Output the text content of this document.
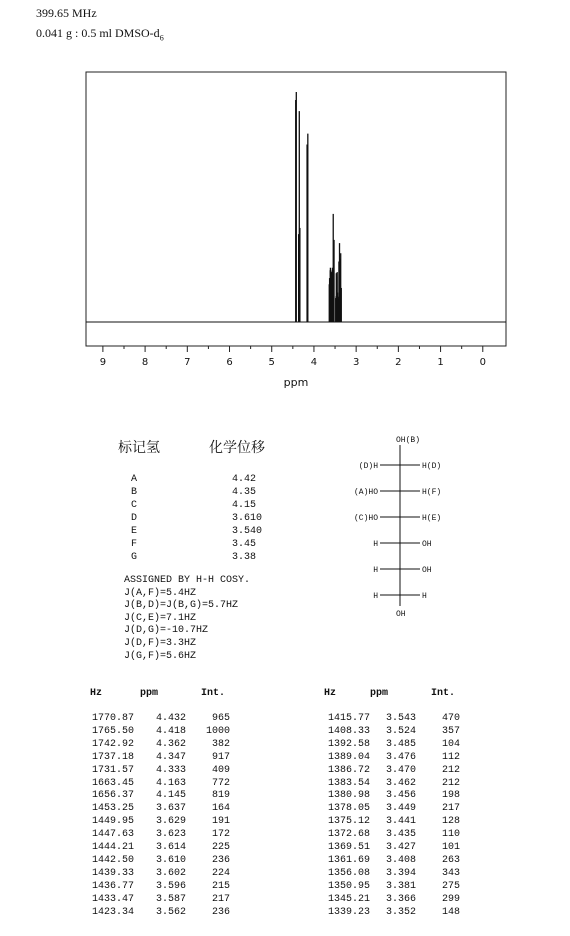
399.65 MHz
0.041 g : 0.5 ml DMSO-$d_6$
9	8	7	6	5	4	3	2	1	0
ppm
标记氢	化学位移
A	4.42
B	4.35
C	4.15
D	3.610
E	3.540
F	3.45
G	3.38
ASSIGNED BY H-H COSY.
J(A,F)=5.4HZ
J(B,D)=J(B,G)=5.7HZ
J(C,E)=7.1HZ
J(D,G)=-10.7HZ
J(D,F)=3.3HZ
J(G,F)=5.6HZ
OH(B)
(D)H	H(D)
(A)HO	H(F)
(C)HO	H(E)
H	OH
H	OH
H	H
OH
Hz	ppm	Int.
1770.87 4.432	965
1765.50 4.418 1000
1742.92 4.362	382
1737.18 4.347	917
1731.57 4.333	409
1663.45 4.163	772
1656.37 4.145	819
1453.25 3.637	164
1449.95 3.629	191
1447.63 3.623	172
1444.21 3.614	225
1442.50 3.610	236
1439.33 3.602	224
1436.77 3.596	215
1433.47 3.587	217
1423.34 3.562	236
Hz	ppm	Int.
1415.77 3.543	470
1408.33 3.524	357
1392.58 3.485	104
1389.04 3.476	112
1386.72 3.470	212
1383.54 3.462	212
1380.98 3.456	198
1378.05 3.449	217
1375.12 3.441	128
1372.68 3.435	110
1369.51 3.427	101
1361.69 3.408	263
1356.08 3.394	343
1350.95 3.381	275
1345.21 3.366	299
1339.23 3.352	148
